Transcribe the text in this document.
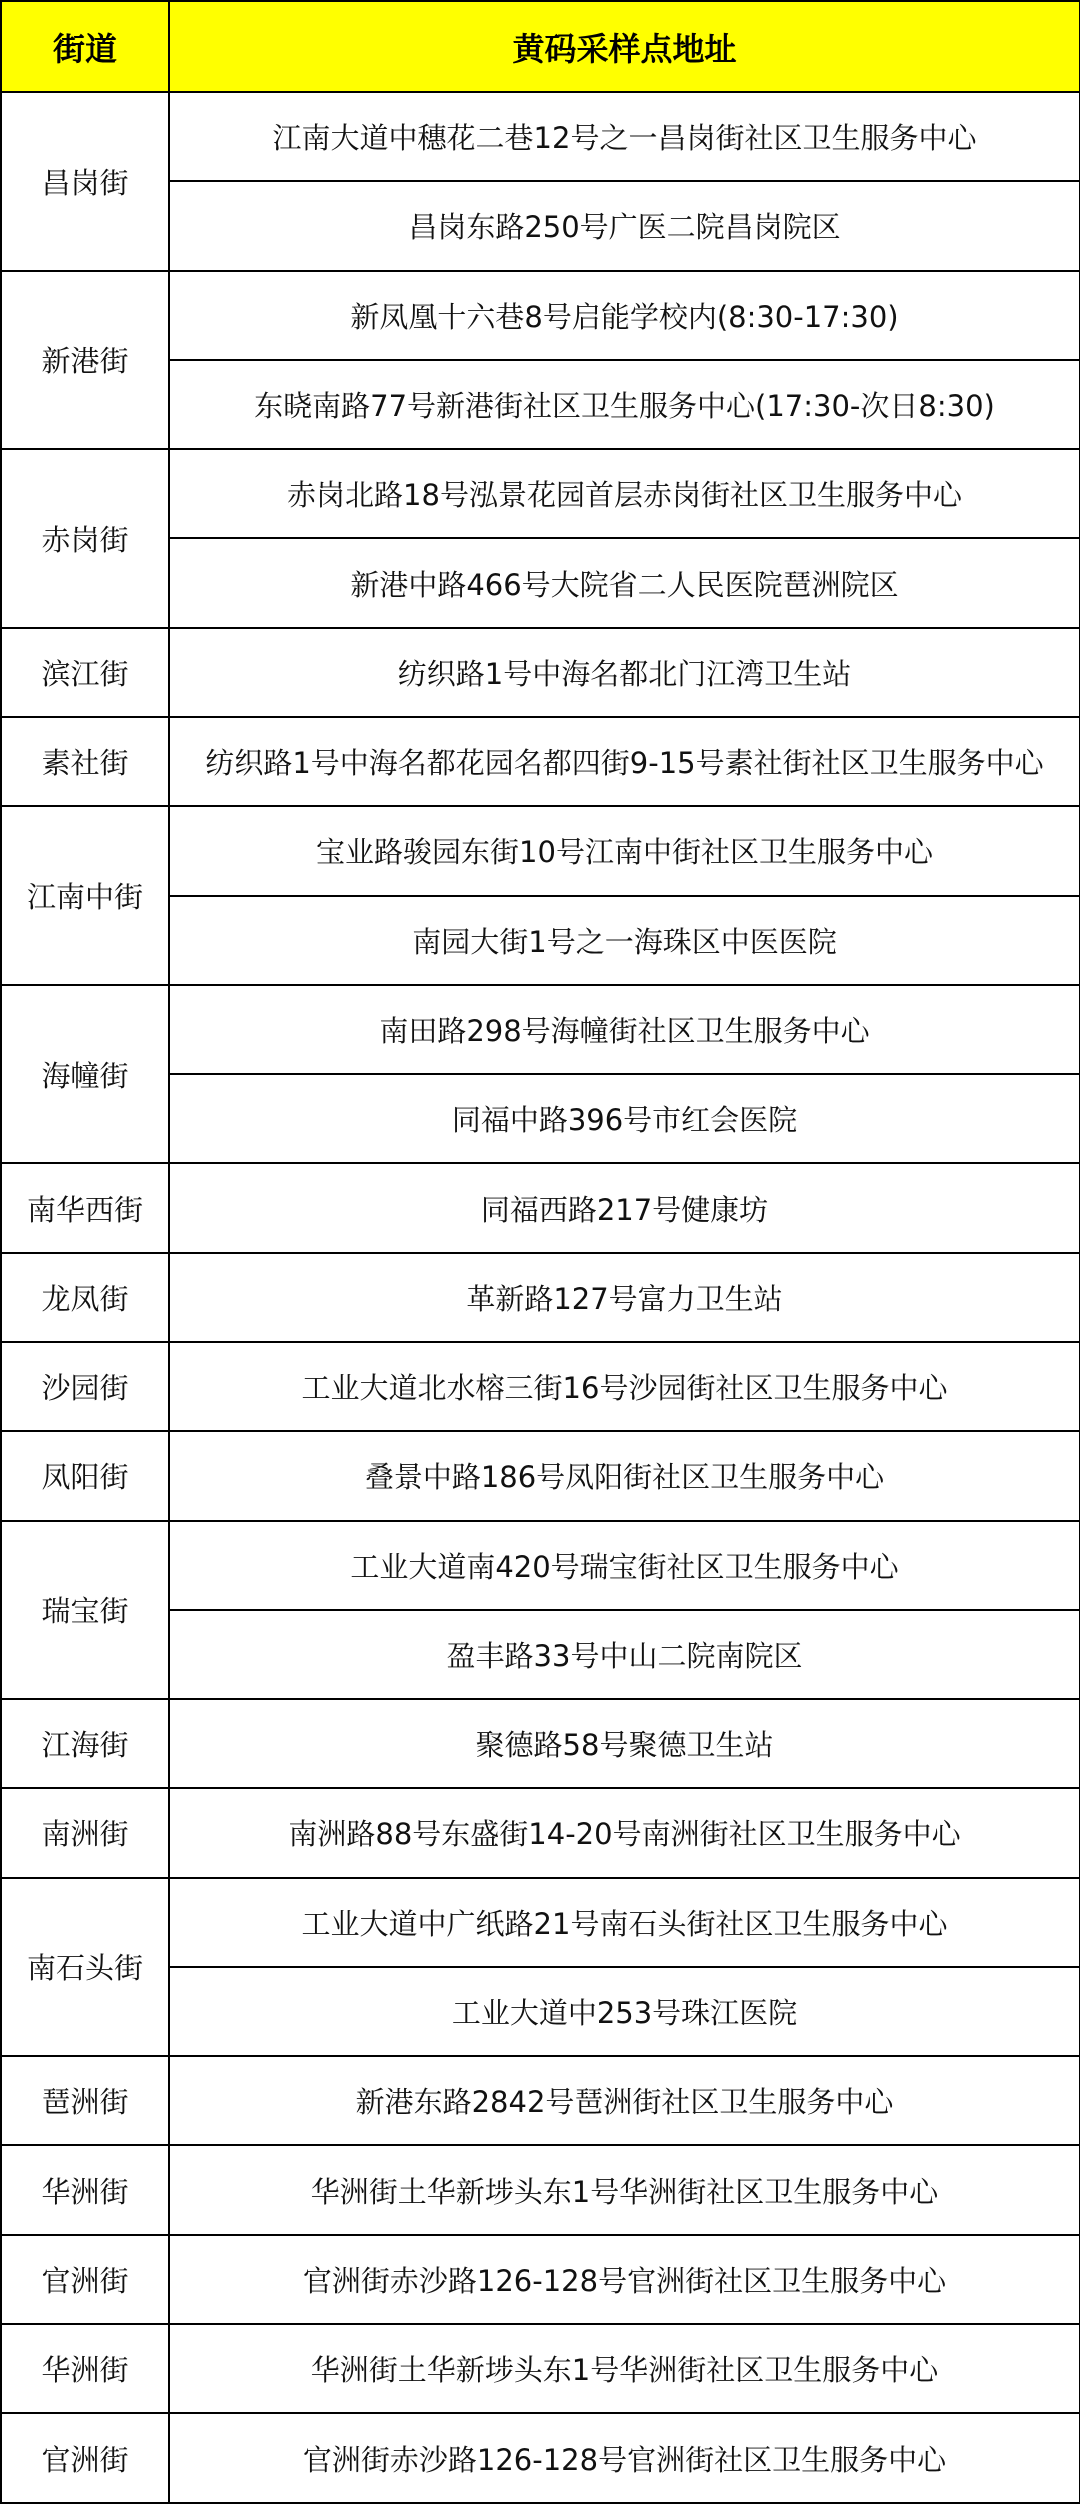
街道	黄码采样点地址
昌岗街	江南大道中穗花二巷12号之一昌岗街社区卫生服务中心
	昌岗东路250号广医二院昌岗院区
新港街	新凤凰十六巷8号启能学校内(8:30-17:30)
	东晓南路77号新港街社区卫生服务中心(17:30-次日8:30)
赤岗街	赤岗北路18号泓景花园首层赤岗街社区卫生服务中心
	新港中路466号大院省二人民医院琶洲院区
滨江街	纺织路1号中海名都北门江湾卫生站
素社街	纺织路1号中海名都花园名都四街9-15号素社街社区卫生服务中心
江南中街	宝业路骏园东街10号江南中街社区卫生服务中心
	南园大街1号之一海珠区中医医院
海幢街	南田路298号海幢街社区卫生服务中心
	同福中路396号市红会医院
南华西街	同福西路217号健康坊
龙凤街	革新路127号富力卫生站
沙园街	工业大道北水榕三街16号沙园街社区卫生服务中心
凤阳街	叠景中路186号凤阳街社区卫生服务中心
瑞宝街	工业大道南420号瑞宝街社区卫生服务中心
	盈丰路33号中山二院南院区
江海街	聚德路58号聚德卫生站
南洲街	南洲路88号东盛街14-20号南洲街社区卫生服务中心
南石头街	工业大道中广纸路21号南石头街社区卫生服务中心
	工业大道中253号珠江医院
琶洲街	新港东路2842号琶洲街社区卫生服务中心
华洲街	华洲街土华新埗头东1号华洲街社区卫生服务中心
官洲街	官洲街赤沙路126-128号官洲街社区卫生服务中心
华洲街	华洲街土华新埗头东1号华洲街社区卫生服务中心
官洲街	官洲街赤沙路126-128号官洲街社区卫生服务中心
